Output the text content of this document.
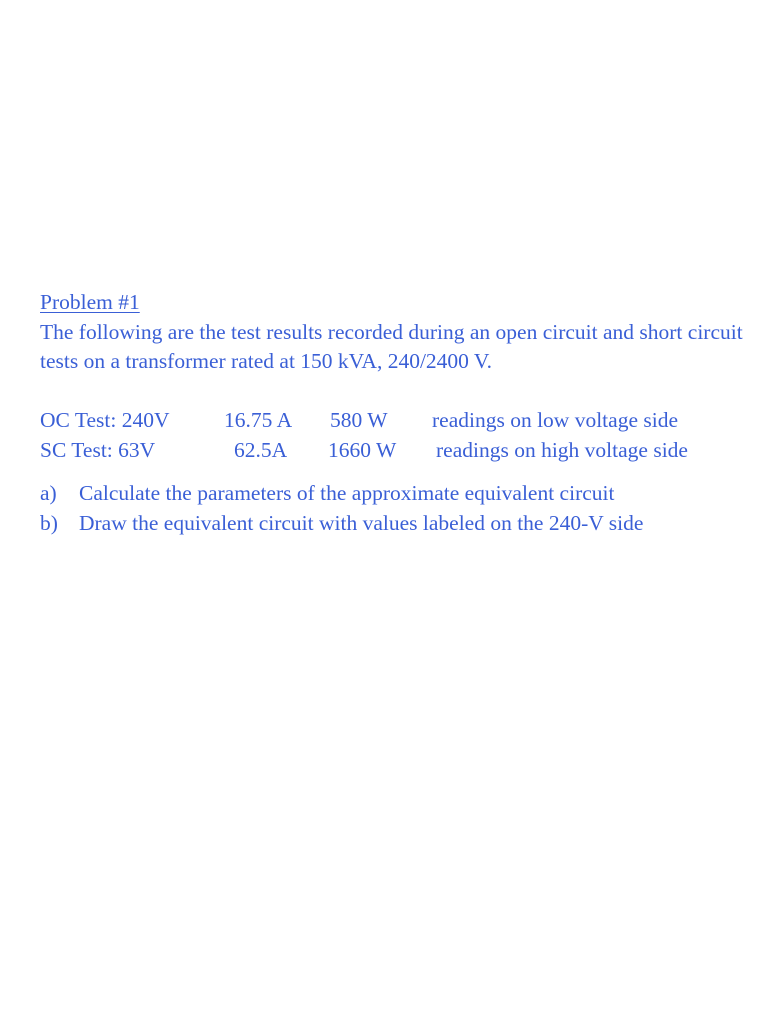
Problem #1

The following are the test results recorded during an open circuit and short circuit tests on a transformer rated at 150 kVA, 240/2400 V.

OC Test: 240V	16.75 A 580 W readings on low voltage side
SC Test: 63V	62.5A 1660 W readings on high voltage side
a)	Calculate the parameters of the approximate equivalent circuit
b) Draw the equivalent circuit with values labeled on the 240-V side
